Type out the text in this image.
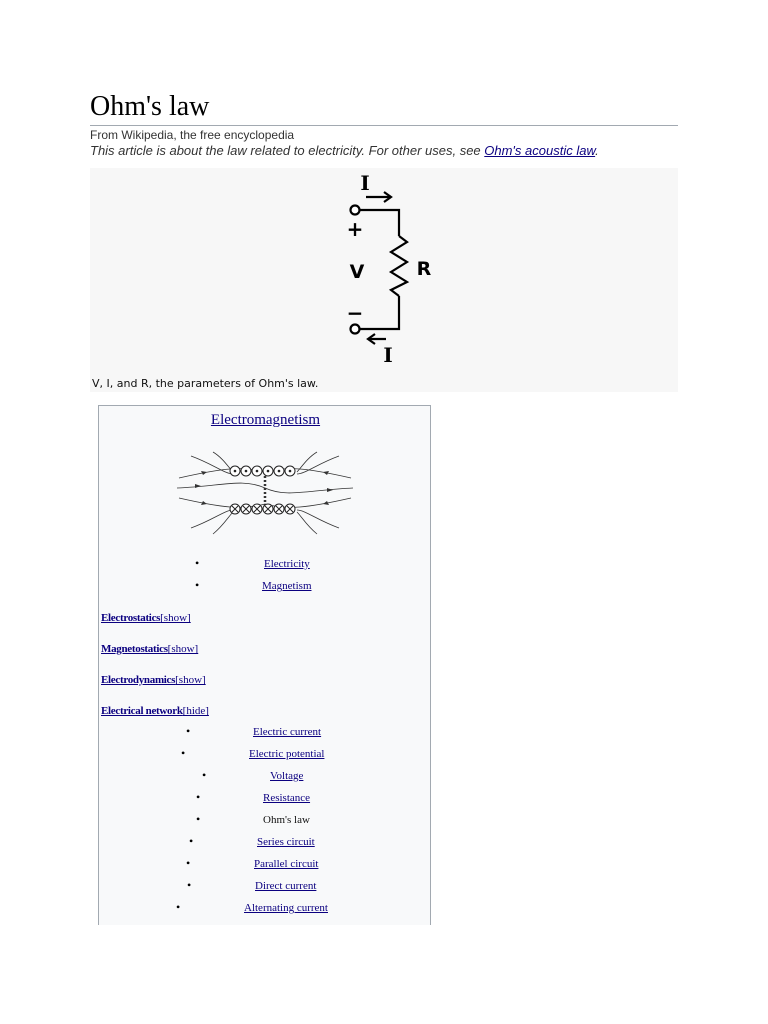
Ohm's law
From Wikipedia, the free encyclopedia
This article is about the law related to electricity. For other uses, see Ohm's acoustic law.
I
I
+
−
V	R
V, I, and R, the parameters of Ohm's law.
Electromagnetism
•	Electricity
•	Magnetism
Electrostatics[show]
Magnetostatics[show]
Electrodynamics[show]
Electrical network[hide]
•	Electric current
•	Electric potential
•	Voltage
•	Resistance
•	Ohm's law
•	Series circuit
•	Parallel circuit
•	Direct current
•	Alternating current
